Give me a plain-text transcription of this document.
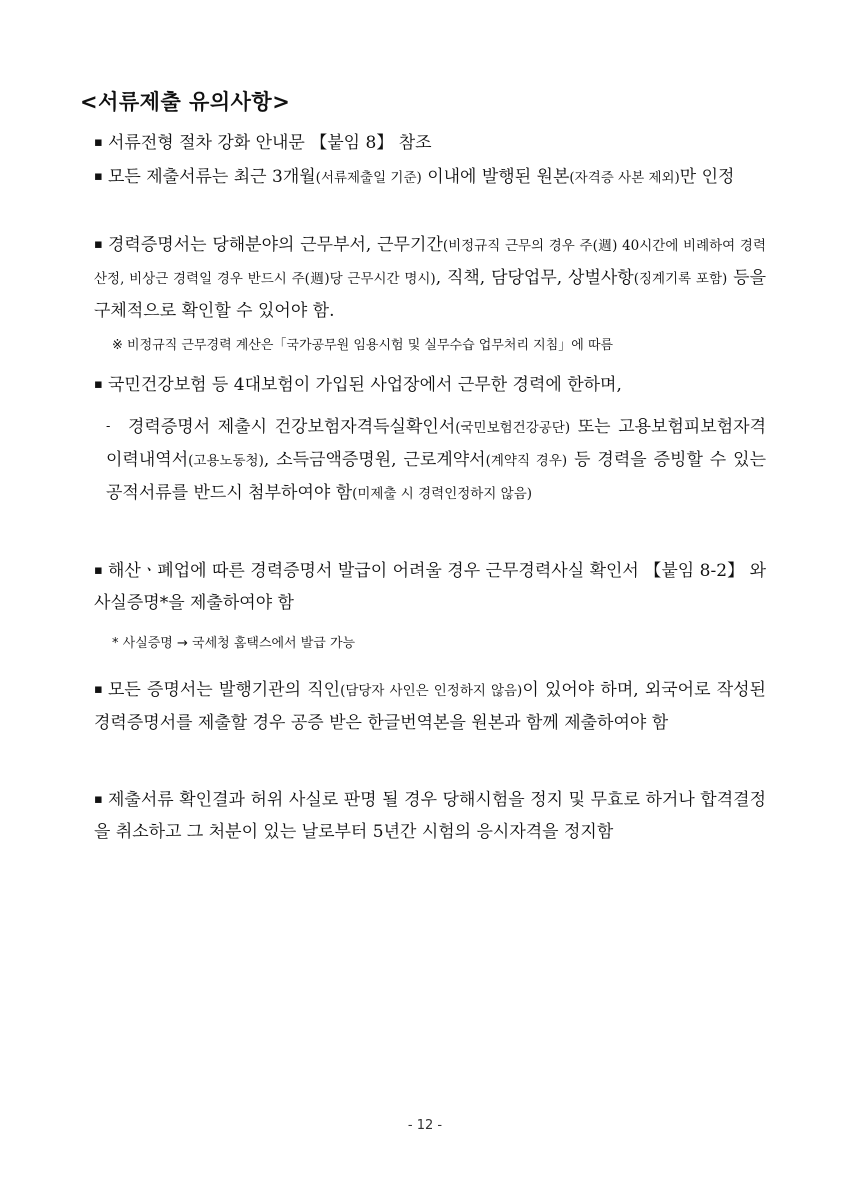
<서류제출 유의사항>
▪ 서류전형 절차 강화 안내문 【붙임 8】 참조
▪ 모든 제출서류는 최근 3개월(서류제출일 기준) 이내에 발행된 원본(자격증 사본 제외)만 인정
▪ 경력증명서는 당해분야의 근무부서, 근무기간(비정규직 근무의 경우 주(週) 40시간에 비례하여 경력산정, 비상근 경력일 경우 반드시 주(週)당 근무시간 명시), 직책, 담당업무, 상벌사항(징계기록 포함) 등을 구체적으로 확인할 수 있어야 함.
※ 비정규직 근무경력 계산은「국가공무원 임용시험 및 실무수습 업무처리 지침」에 따름
▪ 국민건강보험 등 4대보험이 가입된 사업장에서 근무한 경력에 한하며,
- 경력증명서 제출시 건강보험자격득실확인서(국민보험건강공단) 또는 고용보험피보험자격이력내역서(고용노동청), 소득금액증명원, 근로계약서(계약직 경우) 등 경력을 증빙할 수 있는 공적서류를 반드시 첨부하여야 함(미제출 시 경력인정하지 않음)
▪ 해산ㆍ폐업에 따른 경력증명서 발급이 어려울 경우 근무경력사실 확인서 【붙임 8-2】 와 사실증명*을 제출하여야 함
* 사실증명 → 국세청 홈택스에서 발급 가능
▪ 모든 증명서는 발행기관의 직인(담당자 사인은 인정하지 않음)이 있어야 하며, 외국어로 작성된 경력증명서를 제출할 경우 공증 받은 한글번역본을 원본과 함께 제출하여야 함
▪ 제출서류 확인결과 허위 사실로 판명 될 경우 당해시험을 정지 및 무효로 하거나 합격결정을 취소하고 그 처분이 있는 날로부터 5년간 시험의 응시자격을 정지함
- 12 -
